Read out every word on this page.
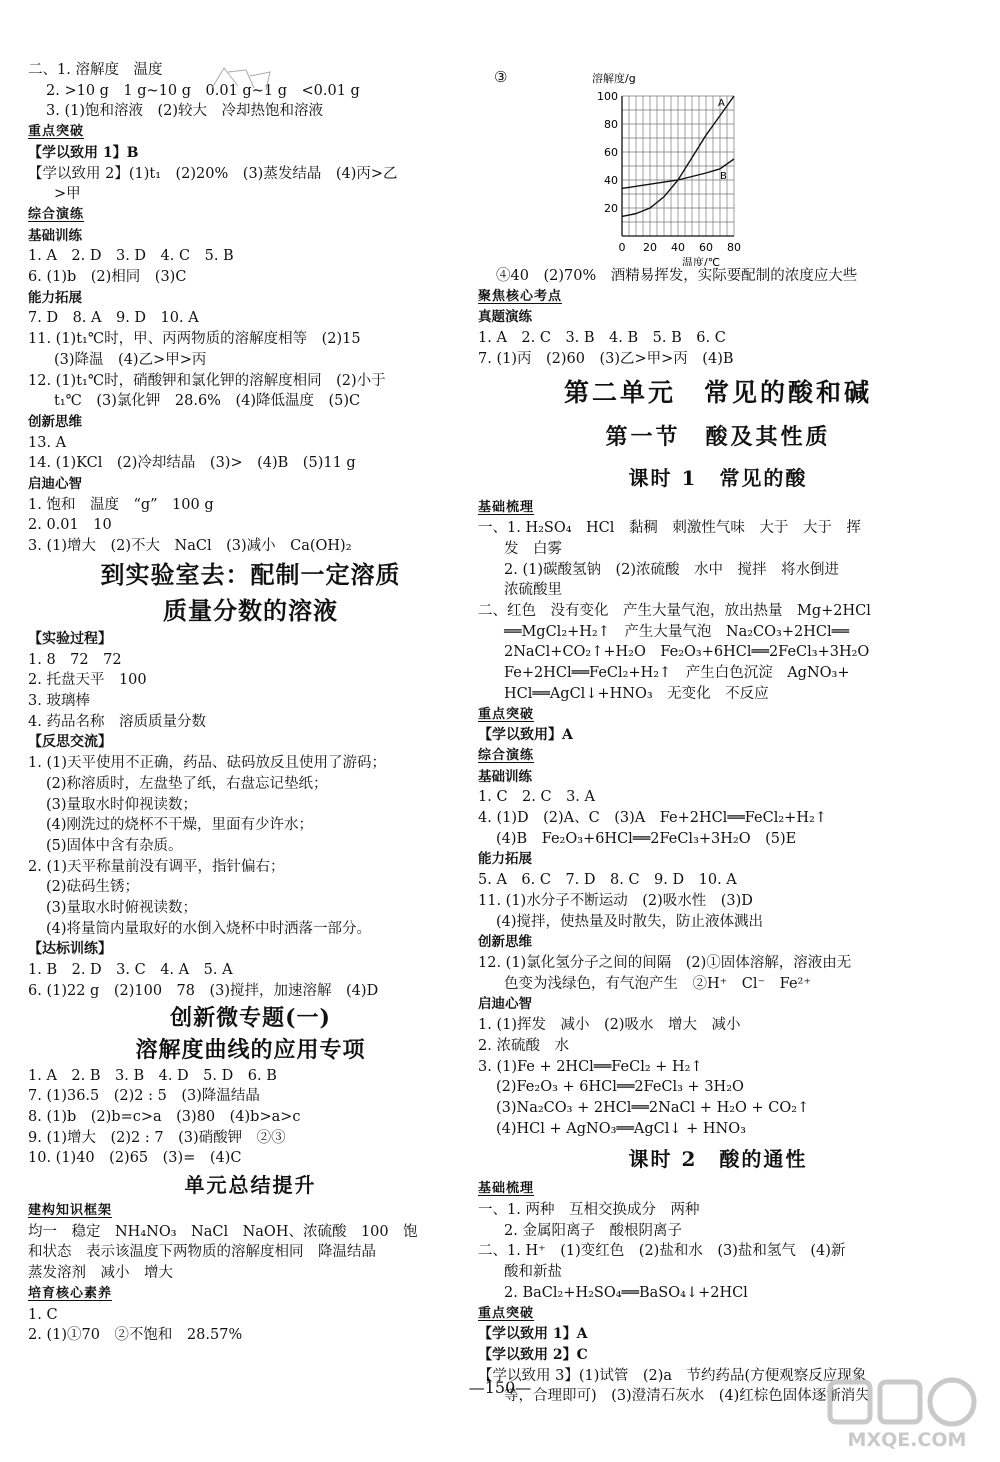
二、1. 溶解度　温度
2. >10 g　1 g~10 g　0.01 g~1 g　<0.01 g
3. (1)饱和溶液　(2)较大　冷却热饱和溶液
重点突破
【学以致用 1】B
【学以致用 2】(1)t₁　(2)20%　(3)蒸发结晶　(4)丙>乙
>甲
综合演练
基础训练
1. A　2. D　3. D　4. C　5. B
6. (1)b　(2)相同　(3)C
能力拓展
7. D　8. A　9. D　10. A
11. (1)t₁℃时，甲、丙两物质的溶解度相等　(2)15
(3)降温　(4)乙>甲>丙
12. (1)t₁℃时，硝酸钾和氯化钾的溶解度相同　(2)小于
t₁℃　(3)氯化钾　28.6%　(4)降低温度　(5)C
创新思维
13. A
14. (1)KCl　(2)冷却结晶　(3)>　(4)B　(5)11 g
启迪心智
1. 饱和　温度　“g”　100 g
2. 0.01　10
3. (1)增大　(2)不大　NaCl　(3)减小　Ca(OH)₂
到实验室去：配制一定溶质
质量分数的溶液
【实验过程】
1. 8　72　72
2. 托盘天平　100
3. 玻璃棒
4. 药品名称　溶质质量分数
【反思交流】
1. (1)天平使用不正确，药品、砝码放反且使用了游码；
(2)称溶质时，左盘垫了纸，右盘忘记垫纸；
(3)量取水时仰视读数；
(4)刚洗过的烧杯不干燥，里面有少许水；
(5)固体中含有杂质。
2. (1)天平称量前没有调平，指针偏右；
(2)砝码生锈；
(3)量取水时俯视读数；
(4)将量筒内量取好的水倒入烧杯中时洒落一部分。
【达标训练】
1. B　2. D　3. C　4. A　5. A
6. (1)22 g　(2)100　78　(3)搅拌，加速溶解　(4)D
创新微专题(一)
溶解度曲线的应用专项
1. A　2. B　3. B　4. D　5. D　6. B
7. (1)36.5　(2)2 : 5　(3)降温结晶
8. (1)b　(2)b=c>a　(3)80　(4)b>a>c
9. (1)增大　(2)2 : 7　(3)硝酸钾　②③
10. (1)40　(2)65　(3)=　(4)C
单元总结提升
建构知识框架
均一　稳定　NH₄NO₃　NaCl　NaOH、浓硫酸　100　饱
和状态　表示该温度下两物质的溶解度相同　降温结晶
蒸发溶剂　减小　增大
培育核心素养
1. C
2. (1)①70　②不饱和　28.57%
③	溶解度/g
温度/℃
20
40
60
80
100
0 20 40 60 80
A
B
④40　(2)70%　酒精易挥发，实际要配制的浓度应大些
聚焦核心考点
真题演练
1. A　2. C　3. B　4. B　5. B　6. C
7. (1)丙　(2)60　(3)乙>甲>丙　(4)B
第二单元　常见的酸和碱
第一节　酸及其性质
课时 1　常见的酸
基础梳理
一、1. H₂SO₄　HCl　黏稠　刺激性气味　大于　大于　挥
发　白雾
2. (1)碳酸氢钠　(2)浓硫酸　水中　搅拌　将水倒进
浓硫酸里
二、红色　没有变化　产生大量气泡，放出热量　Mg+2HCl
══MgCl₂+H₂↑　产生大量气泡　Na₂CO₃+2HCl══
2NaCl+CO₂↑+H₂O　Fe₂O₃+6HCl══2FeCl₃+3H₂O
Fe+2HCl══FeCl₂+H₂↑　产生白色沉淀　AgNO₃+
HCl══AgCl↓+HNO₃　无变化　不反应
重点突破
【学以致用】A
综合演练
基础训练
1. C　2. C　3. A
4. (1)D　(2)A、C　(3)A　Fe+2HCl══FeCl₂+H₂↑
(4)B　Fe₂O₃+6HCl══2FeCl₃+3H₂O　(5)E
能力拓展
5. A　6. C　7. D　8. C　9. D　10. A
11. (1)水分子不断运动　(2)吸水性　(3)D
(4)搅拌，使热量及时散失，防止液体溅出
创新思维
12. (1)氯化氢分子之间的间隔　(2)①固体溶解，溶液由无
色变为浅绿色，有气泡产生　②H⁺　Cl⁻　Fe²⁺
启迪心智
1. (1)挥发　减小　(2)吸水　增大　减小
2. 浓硫酸　水
3. (1)Fe + 2HCl══FeCl₂ + H₂↑
(2)Fe₂O₃ + 6HCl══2FeCl₃ + 3H₂O
(3)Na₂CO₃ + 2HCl══2NaCl + H₂O + CO₂↑
(4)HCl + AgNO₃══AgCl↓ + HNO₃
课时 2　酸的通性
基础梳理
一、1. 两种　互相交换成分　两种
2. 金属阳离子　酸根阴离子
二、1. H⁺　(1)变红色　(2)盐和水　(3)盐和氢气　(4)新
酸和新盐
2. BaCl₂+H₂SO₄══BaSO₄↓+2HCl
重点突破
【学以致用 1】A
【学以致用 2】C
【学以致用 3】(1)试管　(2)a　节约药品(方便观察反应现象
等，合理即可)　(3)澄清石灰水　(4)红棕色固体逐渐消失
—150—
MXQE.COM
